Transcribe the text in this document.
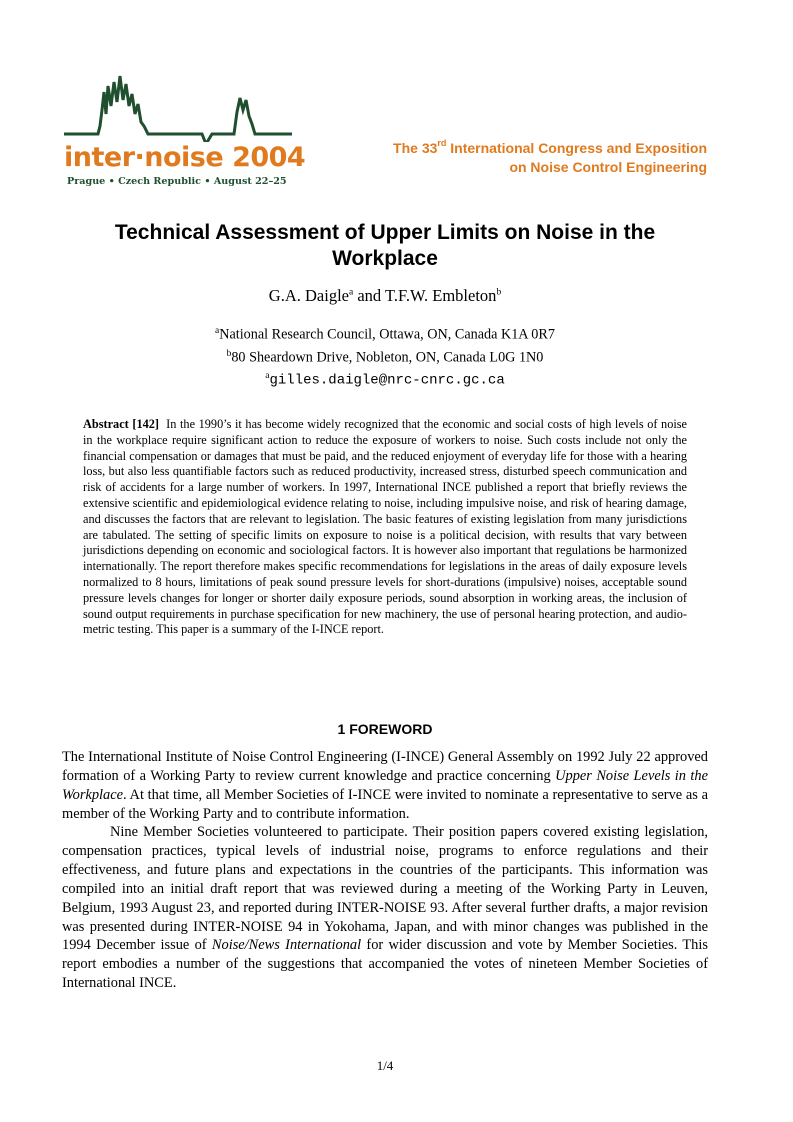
inter·noise 2004
Prague • Czech Republic • August 22–25
The 33rd International Congress and Exposition
on Noise Control Engineering
Technical Assessment of Upper Limits on Noise in the Workplace
G.A. Daigle$^a$ and T.F.W. Embleton$^b$
$^a$National Research Council, Ottawa, ON, Canada K1A 0R7
$^b$80 Sheardown Drive, Nobleton, ON, Canada L0G 1N0
$^a$gilles.daigle@nrc-cnrc.gc.ca

Abstract [142] In the 1990’s it has become widely recognized that the economic and social costs of high levels of noise in the workplace require significant action to reduce the exposure of workers to noise. Such costs include not only the financial compensation or damages that must be paid, and the reduced enjoyment of everyday life for those with a hearing loss, but also less quantifiable factors such as reduced productivity, increased stress, disturbed speech communication and risk of accidents for a large number of workers. In 1997, International INCE published a report that briefly reviews the extensive scientific and epidemiological evidence relating to noise, including impulsive noise, and risk of hearing damage, and discusses the factors that are relevant to legislation. The basic features of existing legislation from many jurisdictions are tabulated. The setting of specific limits on exposure to noise is a political decision, with results that vary between jurisdictions depending on economic and sociological factors. It is however also important that regulations be harmonized internationally. The report therefore makes specific recommendations for legislations in the areas of daily exposure levels normalized to 8 hours, limitations of peak sound pressure levels for short-durations (impulsive) noises, acceptable sound pressure levels changes for longer or shorter daily exposure periods, sound absorption in working areas, the inclusion of sound output requirements in purchase specification for new machinery, the use of personal hearing protection, and audio-metric testing. This paper is a summary of the I-INCE report.

1 FOREWORD

The International Institute of Noise Control Engineering (I-INCE) General Assembly on 1992 July 22 approved formation of a Working Party to review current knowledge and practice concerning Upper Noise Levels in the Workplace. At that time, all Member Societies of I-INCE were invited to nominate a representative to serve as a member of the Working Party and to contribute information.

Nine Member Societies volunteered to participate. Their position papers covered existing legislation, compensation practices, typical levels of industrial noise, programs to enforce regulations and their effectiveness, and future plans and expectations in the countries of the participants. This information was compiled into an initial draft report that was reviewed during a meeting of the Working Party in Leuven, Belgium, 1993 August 23, and reported during INTER-NOISE 93. After several further drafts, a major revision was presented during INTER-NOISE 94 in Yokohama, Japan, and with minor changes was published in the 1994 December issue of Noise/News International for wider discussion and vote by Member Societies. This report embodies a number of the suggestions that accompanied the votes of nineteen Member Societies of International INCE.

1/4
